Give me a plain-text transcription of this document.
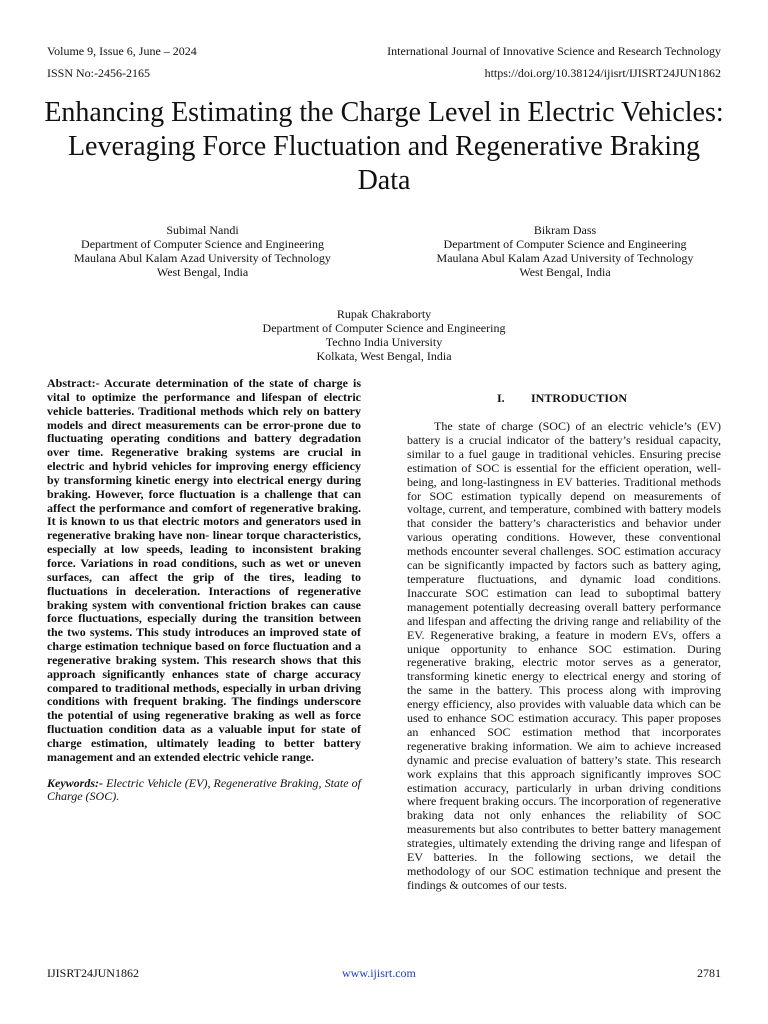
Volume 9, Issue 6, June – 2024
ISSN No:-2456-2165
International Journal of Innovative Science and Research Technology
https://doi.org/10.38124/ijisrt/IJISRT24JUN1862
Enhancing Estimating the Charge Level in Electric Vehicles: Leveraging Force Fluctuation and Regenerative Braking Data
Subimal Nandi
Department of Computer Science and Engineering
Maulana Abul Kalam Azad University of Technology
West Bengal, India
Bikram Dass
Department of Computer Science and Engineering
Maulana Abul Kalam Azad University of Technology
West Bengal, India
Rupak Chakraborty
Department of Computer Science and Engineering
Techno India University
Kolkata, West Bengal, India

Abstract:- Accurate determination of the state of charge is vital to optimize the performance and lifespan of electric vehicle batteries. Traditional methods which rely on battery models and direct measurements can be error-prone due to fluctuating operating conditions and battery degradation over time. Regenerative braking systems are crucial in electric and hybrid vehicles for improving energy efficiency by transforming kinetic energy into electrical energy during braking. However, force fluctuation is a challenge that can affect the performance and comfort of regenerative braking. It is known to us that electric motors and generators used in regenerative braking have non- linear torque characteristics, especially at low speeds, leading to inconsistent braking force. Variations in road conditions, such as wet or uneven surfaces, can affect the grip of the tires, leading to fluctuations in deceleration. Interactions of regenerative braking system with conventional friction brakes can cause force fluctuations, especially during the transition between the two systems. This study introduces an improved state of charge estimation technique based on force fluctuation and a regenerative braking system. This research shows that this approach significantly enhances state of charge accuracy compared to traditional methods, especially in urban driving conditions with frequent braking. The findings underscore the potential of using regenerative braking as well as force fluctuation condition data as a valuable input for state of charge estimation, ultimately leading to better battery management and an extended electric vehicle range.

Keywords:- Electric Vehicle (EV), Regenerative Braking, State of Charge (SOC).

I. INTRODUCTION

The state of charge (SOC) of an electric vehicle’s (EV) battery is a crucial indicator of the battery’s residual capacity, similar to a fuel gauge in traditional vehicles. Ensuring precise estimation of SOC is essential for the efficient operation, well-being, and long-lastingness in EV batteries. Traditional methods for SOC estimation typically depend on measurements of voltage, current, and temperature, combined with battery models that consider the battery’s characteristics and behavior under various operating conditions. However, these conventional methods encounter several challenges. SOC estimation accuracy can be significantly impacted by factors such as battery aging, temperature fluctuations, and dynamic load conditions. Inaccurate SOC estimation can lead to suboptimal battery management potentially decreasing overall battery performance and lifespan and affecting the driving range and reliability of the EV. Regenerative braking, a feature in modern EVs, offers a unique opportunity to enhance SOC estimation. During regenerative braking, electric motor serves as a generator, transforming kinetic energy to electrical energy and storing of the same in the battery. This process along with improving energy efficiency, also provides with valuable data which can be used to enhance SOC estimation accuracy. This paper proposes an enhanced SOC estimation method that incorporates regenerative braking information. We aim to achieve increased dynamic and precise evaluation of battery’s state. This research work explains that this approach significantly improves SOC estimation accuracy, particularly in urban driving conditions where frequent braking occurs. The incorporation of regenerative braking data not only enhances the reliability of SOC measurements but also contributes to better battery management strategies, ultimately extending the driving range and lifespan of EV batteries. In the following sections, we detail the methodology of our SOC estimation technique and present the findings & outcomes of our tests.

IJISRT24JUN1862	www.ijisrt.com	2781
